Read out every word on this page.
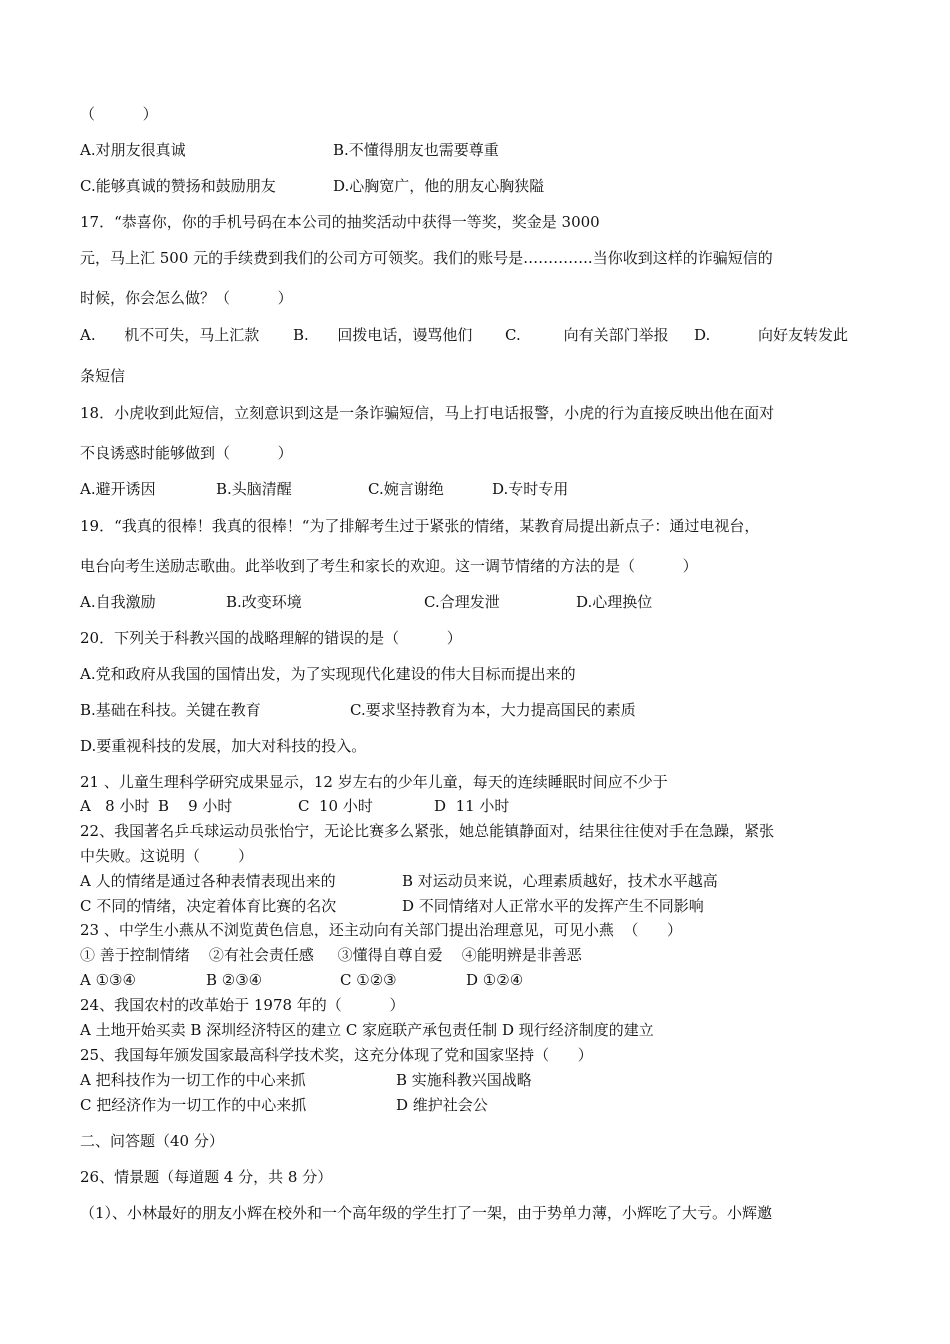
（          ）
A.对朋友很真诚	B.不懂得朋友也需要尊重
C.能够真诚的赞扬和鼓励朋友	D.心胸宽广，他的朋友心胸狭隘
17．“恭喜你，你的手机号码在本公司的抽奖活动中获得一等奖，奖金是 3000
元，马上汇 500 元的手续费到我们的公司方可领奖。我们的账号是…………..当你收到这样的诈骗短信的
时候，你会怎么做？（          ）
A.      机不可失，马上汇款 B.      回拨电话，谩骂他们 C.         向有关部门举报 D.          向好友转发此
条短信
18．小虎收到此短信，立刻意识到这是一条诈骗短信，马上打电话报警，小虎的行为直接反映出他在面对
不良诱惑时能够做到（          ）
A.避开诱因	B.头脑清醒	C.婉言谢绝	D.专时专用
19．“我真的很棒！我真的很棒！“为了排解考生过于紧张的情绪，某教育局提出新点子：通过电视台，
电台向考生送励志歌曲。此举收到了考生和家长的欢迎。这一调节情绪的方法的是（          ）
A.自我激励	B.改变环境	C.合理发泄	D.心理换位
20．下列关于科教兴国的战略理解的错误的是（          ）
A.党和政府从我国的国情出发，为了实现现代化建设的伟大目标而提出来的
B.基础在科技。关键在教育	C.要求坚持教育为本，大力提高国民的素质
D.要重视科技的发展，加大对科技的投入。
21 、儿童生理科学研究成果显示，12 岁左右的少年儿童，每天的连续睡眠时间应不少于
A   8 小时 B    9 小时	C  10 小时	D  11 小时
22、我国著名乒乓球运动员张怡宁，无论比赛多么紧张，她总能镇静面对，结果往往使对手在急躁，紧张
中失败。这说明（        ）
A 人的情绪是通过各种表情表现出来的	B 对运动员来说，心理素质越好，技术水平越高
C 不同的情绪，决定着体育比赛的名次	D 不同情绪对人正常水平的发挥产生不同影响
23 、中学生小燕从不浏览黄色信息，还主动向有关部门提出治理意见，可见小燕  （      ）
① 善于控制情绪    ②有社会责任感     ③懂得自尊自爱    ④能明辨是非善恶
A ①③④	B ②③④	C ①②③	D ①②④
24、我国农村的改革始于 1978 年的（          ）
A 土地开始买卖 B 深圳经济特区的建立 C 家庭联产承包责任制 D 现行经济制度的建立
25、我国每年颁发国家最高科学技术奖，这充分体现了党和国家坚持（      ）
A 把科技作为一切工作的中心来抓	B 实施科教兴国战略
C 把经济作为一切工作的中心来抓	D 维护社会公
二、问答题（40 分）
26、情景题（每道题 4 分，共 8 分）
（1）、小林最好的朋友小辉在校外和一个高年级的学生打了一架，由于势单力薄，小辉吃了大亏。小辉邀
